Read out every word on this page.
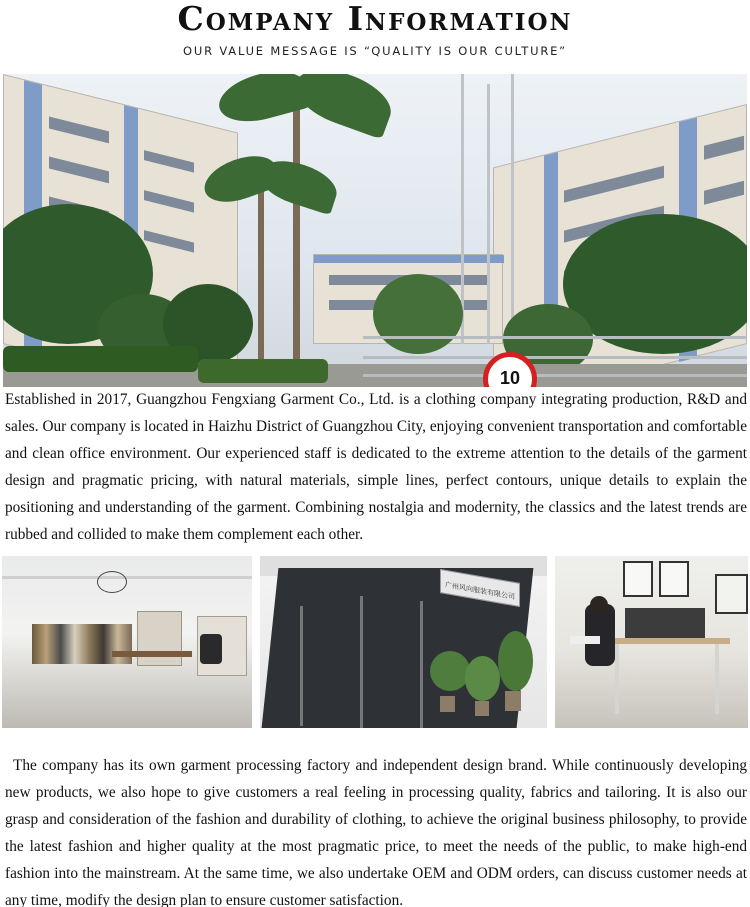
Company Information
OUR VALUE MESSAGE IS “QUALITY IS OUR CULTURE”
10
Established in 2017, Guangzhou Fengxiang Garment Co., Ltd. is a clothing company integrating production, R&D and sales. Our company is located in Haizhu District of Guangzhou City, enjoying convenient transportation and comfortable and clean office environment. Our experienced staff is dedicated to the extreme attention to the details of the garment design and pragmatic pricing, with natural materials, simple lines, perfect contours, unique details to explain the positioning and understanding of the garment. Combining nostalgia and modernity, the classics and the latest trends are rubbed and collided to make them complement each other.
广州风向服装有限公司
The company has its own garment processing factory and independent design brand. While continuously developing new products, we also hope to give customers a real feeling in processing quality, fabrics and tailoring. It is also our grasp and consideration of the fashion and durability of clothing, to achieve the original business philosophy, to provide the latest fashion and higher quality at the most pragmatic price, to meet the needs of the public, to make high-end fashion into the mainstream. At the same time, we also undertake OEM and ODM orders, can discuss customer needs at any time, modify the design plan to ensure customer satisfaction.
